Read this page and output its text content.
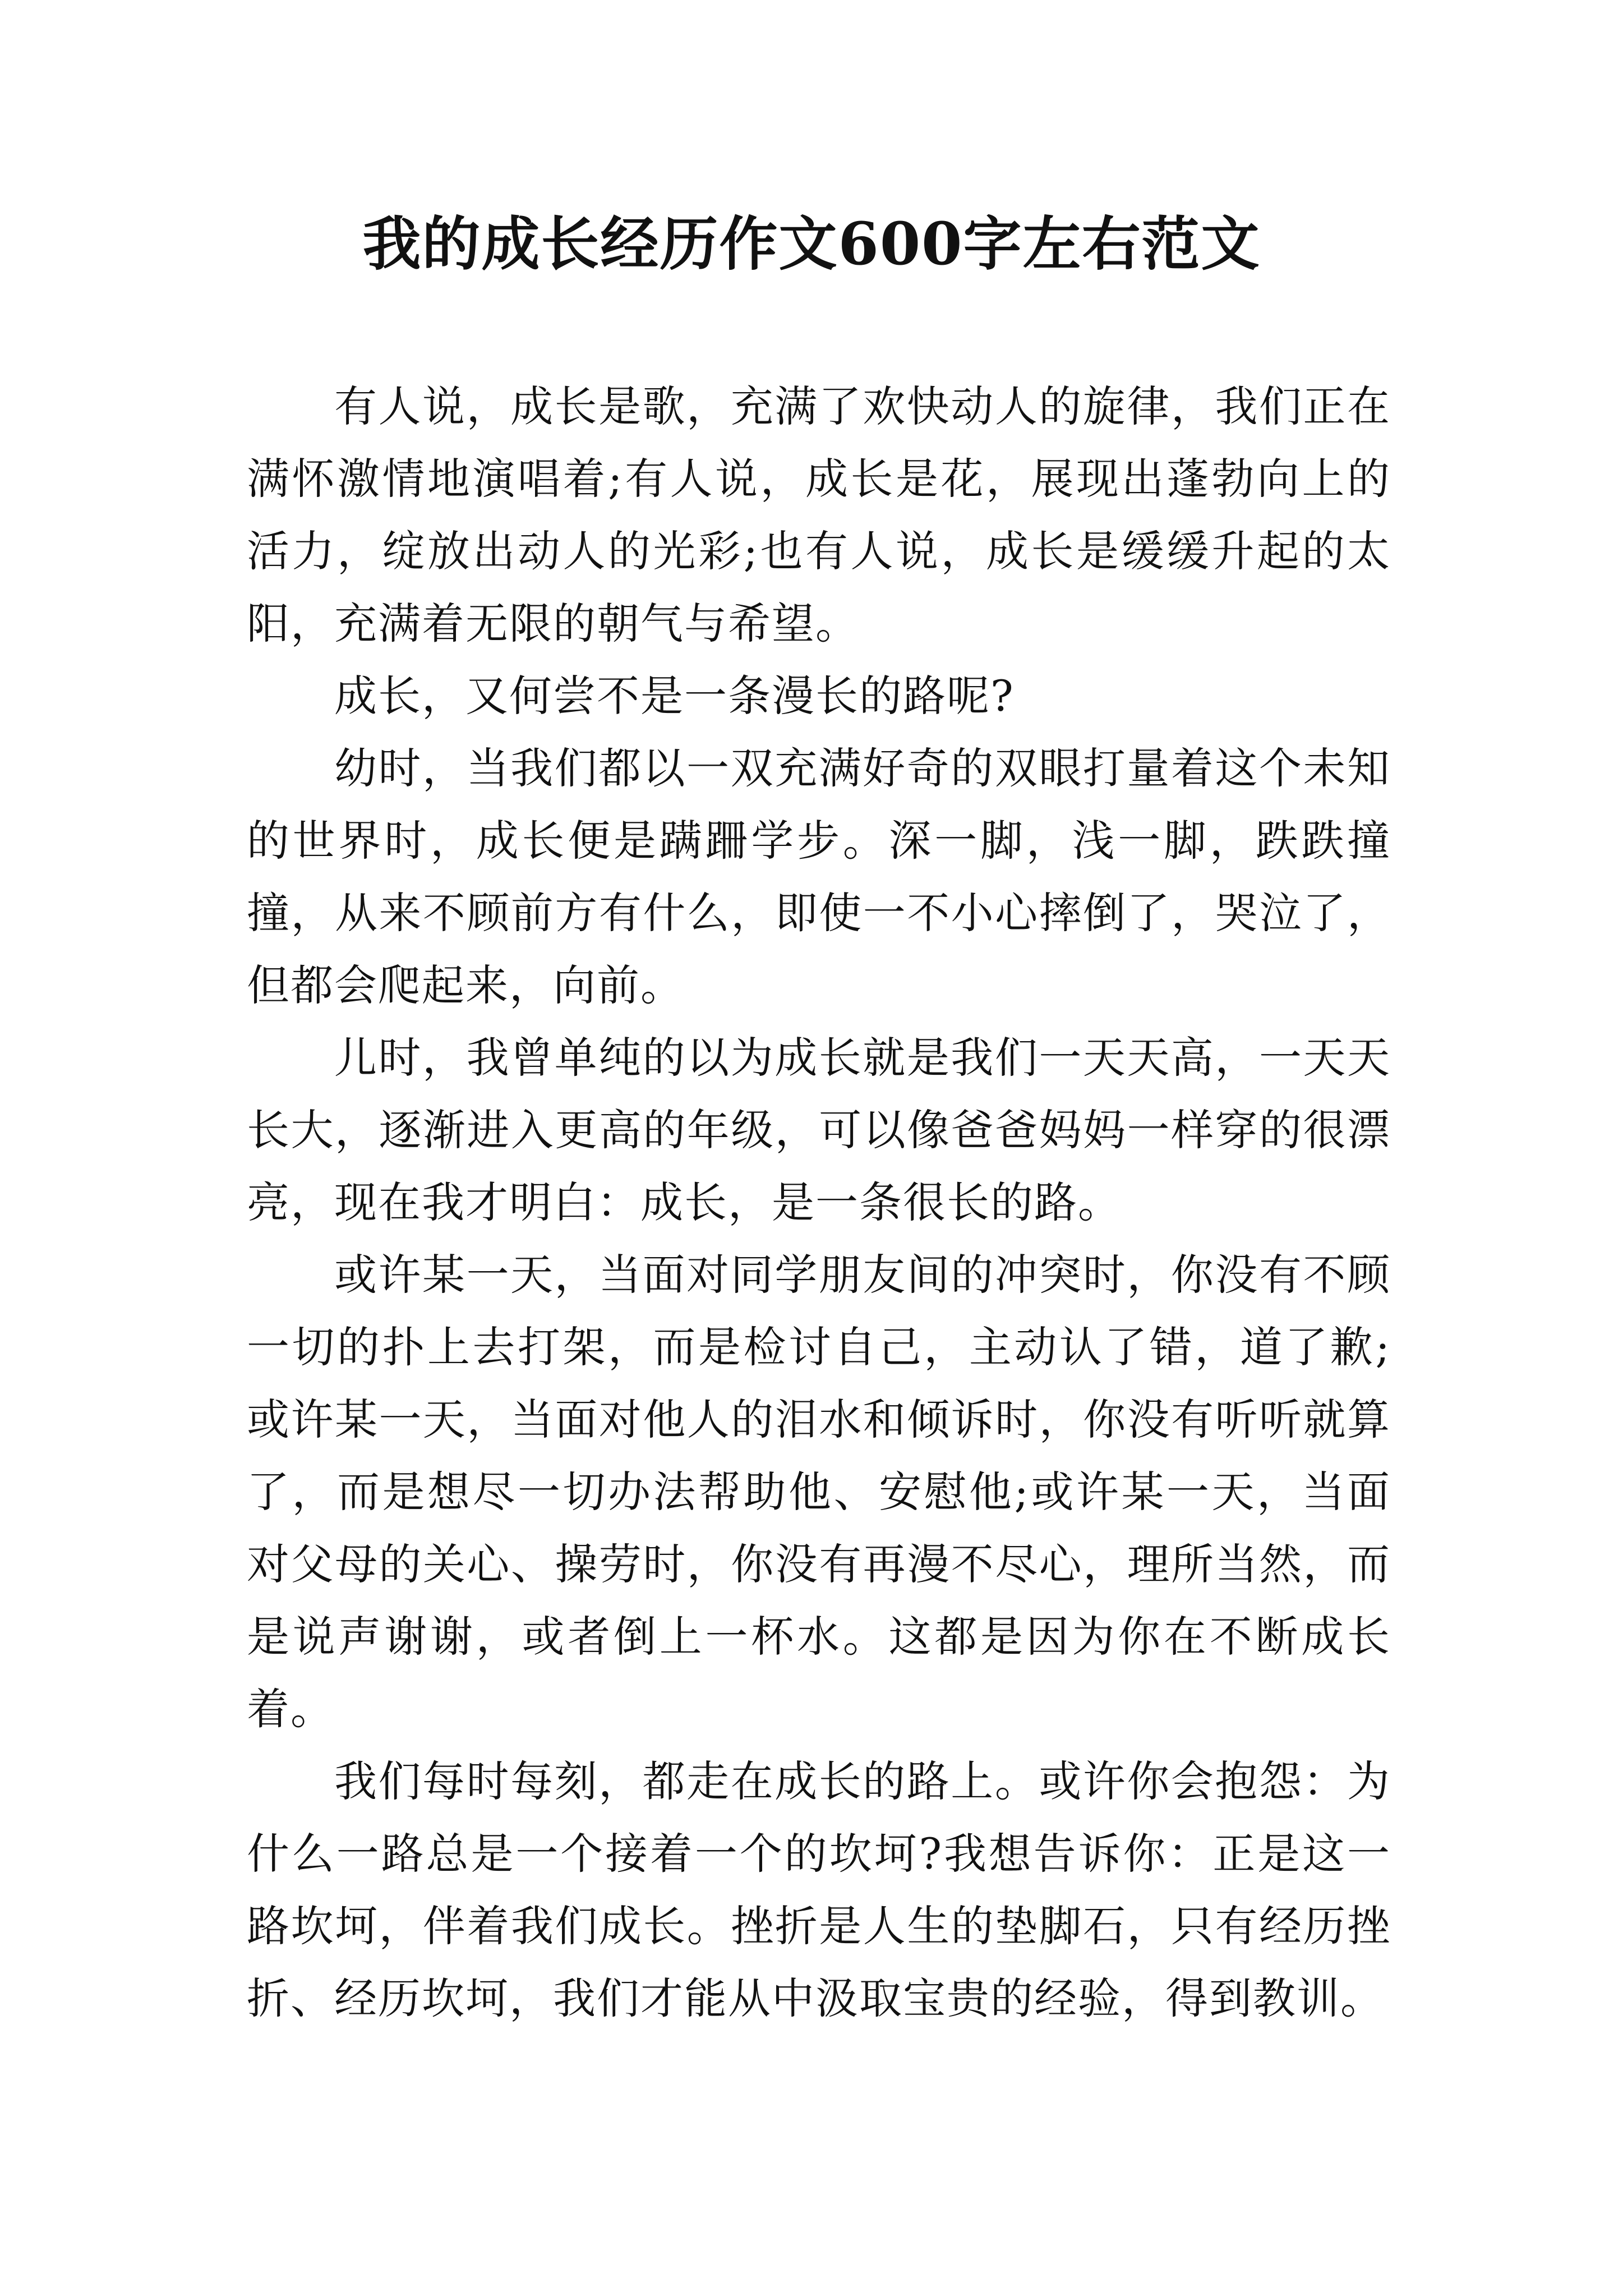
我的成长经历作文600字左右范文

有人说，成长是歌，充满了欢快动人的旋律，我们正在满怀激情地演唱着;有人说，成长是花，展现出蓬勃向上的活力，绽放出动人的光彩;也有人说，成长是缓缓升起的太阳，充满着无限的朝气与希望。

成长，又何尝不是一条漫长的路呢?

幼时，当我们都以一双充满好奇的双眼打量着这个未知的世界时，成长便是蹒跚学步。深一脚，浅一脚，跌跌撞撞，从来不顾前方有什么，即使一不小心摔倒了，哭泣了，但都会爬起来，向前。

儿时，我曾单纯的以为成长就是我们一天天高，一天天长大，逐渐进入更高的年级，可以像爸爸妈妈一样穿的很漂亮，现在我才明白：成长，是一条很长的路。

或许某一天，当面对同学朋友间的冲突时，你没有不顾一切的扑上去打架，而是检讨自己，主动认了错，道了歉;或许某一天，当面对他人的泪水和倾诉时，你没有听听就算了，而是想尽一切办法帮助他、安慰他;或许某一天，当面对父母的关心、操劳时，你没有再漫不尽心，理所当然，而是说声谢谢，或者倒上一杯水。这都是因为你在不断成长着。

我们每时每刻，都走在成长的路上。或许你会抱怨：为什么一路总是一个接着一个的坎坷?我想告诉你：正是这一路坎坷，伴着我们成长。挫折是人生的垫脚石，只有经历挫折、经历坎坷，我们才能从中汲取宝贵的经验，得到教训。
